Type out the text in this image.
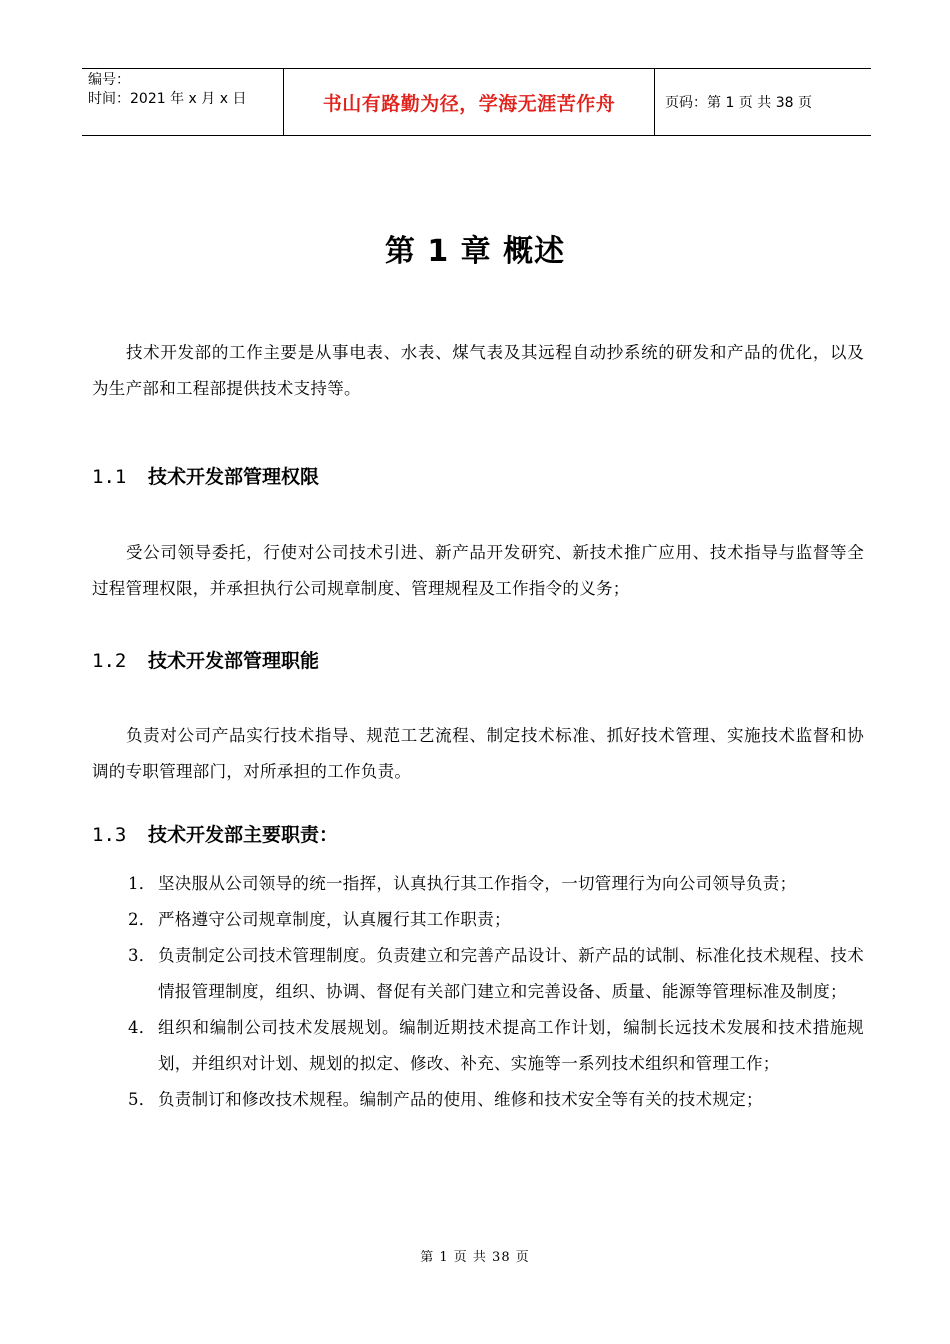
编号：
时间：2021 年 x 月 x 日	书山有路勤为径，学海无涯苦作舟	页码：第 1 页 共 38 页
第 1 章 概述

技术开发部的工作主要是从事电表、水表、煤气表及其远程自动抄系统的研发和产品的优化，以及为生产部和工程部提供技术支持等。

1.1 技术开发部管理权限

受公司领导委托，行使对公司技术引进、新产品开发研究、新技术推广应用、技术指导与监督等全过程管理权限，并承担执行公司规章制度、管理规程及工作指令的义务；

1.2 技术开发部管理职能

负责对公司产品实行技术指导、规范工艺流程、制定技术标准、抓好技术管理、实施技术监督和协调的专职管理部门，对所承担的工作负责。

1.3 技术开发部主要职责：
1． 坚决服从公司领导的统一指挥，认真执行其工作指令，一切管理行为向公司领导负责；
2． 严格遵守公司规章制度，认真履行其工作职责；
3． 负责制定公司技术管理制度。负责建立和完善产品设计、新产品的试制、标准化技术规程、技术情报管理制度，组织、协调、督促有关部门建立和完善设备、质量、能源等管理标准及制度；
4． 组织和编制公司技术发展规划。编制近期技术提高工作计划，编制长远技术发展和技术措施规划，并组织对计划、规划的拟定、修改、补充、实施等一系列技术组织和管理工作；
5． 负责制订和修改技术规程。编制产品的使用、维修和技术安全等有关的技术规定；
第 1 页 共 38 页
